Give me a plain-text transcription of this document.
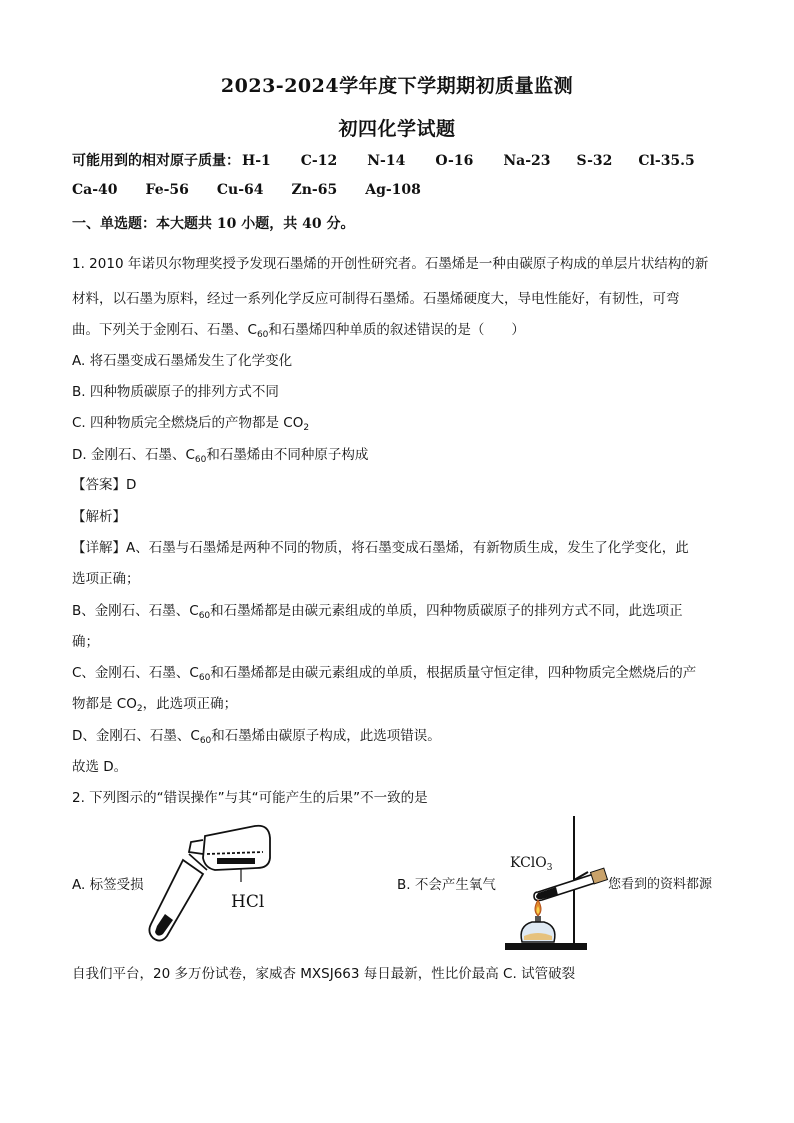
2023-2024学年度下学期期初质量监测
初四化学试题
可能用到的相对原子质量： H-1 C-12 N-14 O-16 Na-23 S-32 Cl-35.5
Ca-40 Fe-56 Cu-64 Zn-65 Ag-108
一、单选题：本大题共 10 小题，共 40 分。
1. 2010 年诺贝尔物理奖授予发现石墨烯的开创性研究者。石墨烯是一种由碳原子构成的单层片状结构的新
材料，以石墨为原料，经过一系列化学反应可制得石墨烯。石墨烯硬度大，导电性能好，有韧性，可弯
曲。下列关于金刚石、石墨、$C_{60}$和石墨烯四种单质的叙述错误的是（　　）
A. 将石墨变成石墨烯发生了化学变化
B. 四种物质碳原子的排列方式不同
C. 四种物质完全燃烧后的产物都是 $CO_2$
D. 金刚石、石墨、$C_{60}$和石墨烯由不同种原子构成
【答案】D
【解析】
【详解】A、石墨与石墨烯是两种不同的物质，将石墨变成石墨烯，有新物质生成，发生了化学变化，此
选项正确；
B、金刚石、石墨、$C_{60}$和石墨烯都是由碳元素组成的单质，四种物质碳原子的排列方式不同，此选项正
确；
C、金刚石、石墨、$C_{60}$和石墨烯都是由碳元素组成的单质，根据质量守恒定律，四种物质完全燃烧后的产
物都是 $CO_2$，此选项正确；
D、金刚石、石墨、$C_{60}$和石墨烯由碳原子构成，此选项错误。
故选 D。
2. 下列图示的“错误操作”与其“可能产生的后果”不一致的是
A. 标签受损
HCl
B. 不会产生氧气
KClO$_3$
您看到的资料都源
自我们平台，20 多万份试卷，家威杏 MXSJ663 每日最新，性比价最高 C. 试管破裂
